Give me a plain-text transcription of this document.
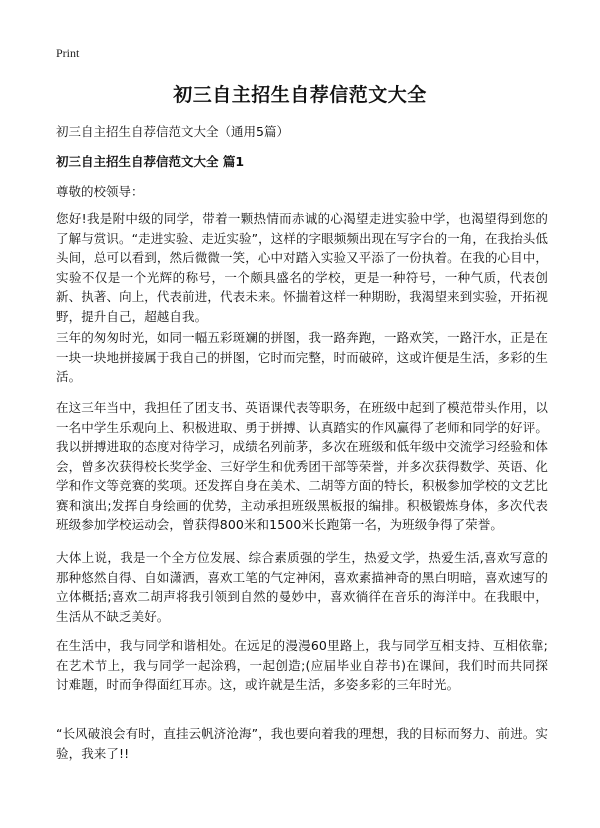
Print
初三自主招生自荐信范文大全
初三自主招生自荐信范文大全（通用5篇）
初三自主招生自荐信范文大全 篇1
尊敬的校领导：
您好!我是附中级的同学，带着一颗热情而赤诚的心渴望走进实验中学，也渴望得到您的了解与赏识。“走进实验、走近实验”，这样的字眼频频出现在写字台的一角，在我抬头低头间，总可以看到，然后微微一笑，心中对踏入实验又平添了一份执着。在我的心目中，实验不仅是一个光辉的称号，一个颇具盛名的学校，更是一种符号，一种气质，代表创新、执著、向上，代表前进，代表未来。怀揣着这样一种期盼，我渴望来到实验，开拓视野，提升自己，超越自我。
三年的匆匆时光，如同一幅五彩斑斓的拼图，我一路奔跑，一路欢笑，一路汗水，正是在一块一块地拼接属于我自己的拼图，它时而完整，时而破碎，这或许便是生活，多彩的生活。
在这三年当中，我担任了团支书、英语课代表等职务，在班级中起到了模范带头作用，以一名中学生乐观向上、积极进取、勇于拼搏、认真踏实的作风赢得了老师和同学的好评。我以拼搏进取的态度对待学习，成绩名列前茅，多次在班级和低年级中交流学习经验和体会，曾多次获得校长奖学金、三好学生和优秀团干部等荣誉，并多次获得数学、英语、化学和作文等竞赛的奖项。还发挥自身在美术、二胡等方面的特长，积极参加学校的文艺比赛和演出;发挥自身绘画的优势，主动承担班级黑板报的编排。积极锻炼身体，多次代表班级参加学校运动会，曾获得800米和1500米长跑第一名，为班级争得了荣誉。
大体上说，我是一个全方位发展、综合素质强的学生，热爱文学，热爱生活,喜欢写意的那种悠然自得、自如潇洒，喜欢工笔的气定神闲，喜欢素描神奇的黑白明暗，喜欢速写的立体概括;喜欢二胡声将我引领到自然的曼妙中，喜欢徜徉在音乐的海洋中。在我眼中，生活从不缺乏美好。
在生活中，我与同学和谐相处。在远足的漫漫60里路上，我与同学互相支持、互相依靠;在艺术节上，我与同学一起涂鸦，一起创造;(应届毕业自荐书)在课间，我们时而共同探讨难题，时而争得面红耳赤。这，或许就是生活，多姿多彩的三年时光。
“长风破浪会有时，直挂云帆济沧海”，我也要向着我的理想，我的目标而努力、前进。实验，我来了!!
